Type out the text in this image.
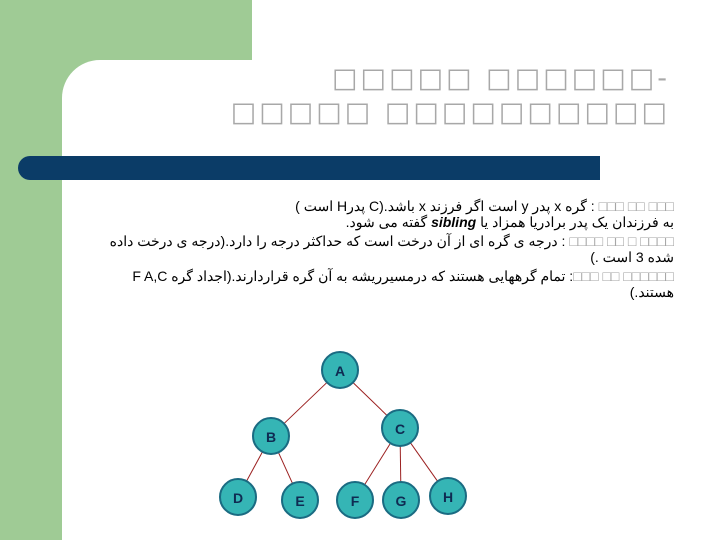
-□□□□□□ □□□□□ □□□□□□□□□□ □□□□□

□□□ □□ □□□ : گره x پدر y است اگر فرزند x باشد.(C پدرH است )

به فرزندان یک پدر برادریا همزاد یا sibling گفته می شود.

□□□□ □ □□ □□□□ : درجه ی گره ای از آن درخت است که حداکثر درجه را دارد.(درجه ی درخت داده شده 3 است .)

□□□□□□ □□ □□□: تمام گرههایی هستند که درمسیرریشه به آن گره قراردارند.(اجداد گره F A,C هستند.)

A
B	C
D	E	F	G	H
